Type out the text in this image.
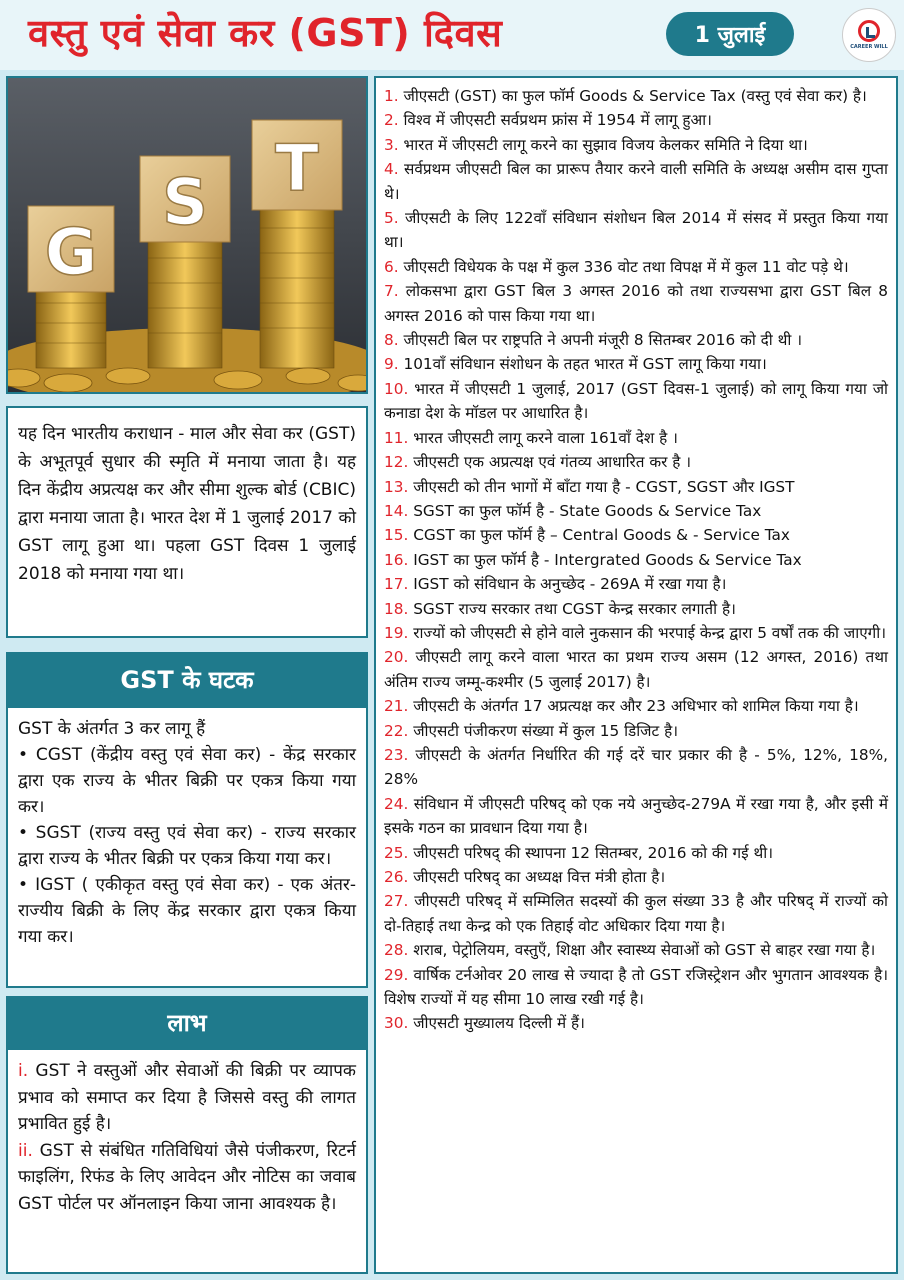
वस्तु एवं सेवा कर (GST) दिवस	1 जुलाई	CAREER WILL
G
S T
यह दिन भारतीय कराधान - माल और सेवा कर (GST) के अभूतपूर्व सुधार की स्मृति में मनाया जाता है। यह दिन केंद्रीय अप्रत्यक्ष कर और सीमा शुल्क बोर्ड (CBIC) द्वारा मनाया जाता है। भारत देश में 1 जुलाई 2017 को GST लागू हुआ था। पहला GST दिवस 1 जुलाई 2018 को मनाया गया था।
GST के घटक
GST के अंतर्गत 3 कर लागू हैं
• CGST (केंद्रीय वस्तु एवं सेवा कर) - केंद्र सरकार द्वारा एक राज्य के भीतर बिक्री पर एकत्र किया गया कर।
• SGST (राज्य वस्तु एवं सेवा कर) - राज्य सरकार द्वारा राज्य के भीतर बिक्री पर एकत्र किया गया कर।
• IGST ( एकीकृत वस्तु एवं सेवा कर) - एक अंतर-राज्यीय बिक्री के लिए केंद्र सरकार द्वारा एकत्र किया गया कर।
लाभ
i. GST ने वस्तुओं और सेवाओं की बिक्री पर व्यापक प्रभाव को समाप्त कर दिया है जिससे वस्तु की लागत प्रभावित हुई है।
ii. GST से संबंधित गतिविधियां जैसे पंजीकरण, रिटर्न फाइलिंग, रिफंड के लिए आवेदन और नोटिस का जवाब GST पोर्टल पर ऑनलाइन किया जाना आवश्यक है।
1. जीएसटी (GST) का फुल फॉर्म Goods & Service Tax (वस्तु एवं सेवा कर) है।
2. विश्व में जीएसटी सर्वप्रथम फ्रांस में 1954 में लागू हुआ।
3. भारत में जीएसटी लागू करने का सुझाव विजय केलकर समिति ने दिया था।
4. सर्वप्रथम जीएसटी बिल का प्रारूप तैयार करने वाली समिति के अध्यक्ष असीम दास गुप्ता थे।
5. जीएसटी के लिए 122वाँ संविधान संशोधन बिल 2014 में संसद में प्रस्तुत किया गया था।
6. जीएसटी विधेयक के पक्ष में कुल 336 वोट तथा विपक्ष में में कुल 11 वोट पड़े थे।
7. लोकसभा द्वारा GST बिल 3 अगस्त 2016 को तथा राज्यसभा द्वारा GST बिल 8 अगस्त 2016 को पास किया गया था।
8. जीएसटी बिल पर राष्ट्रपति ने अपनी मंजूरी 8 सितम्बर 2016 को दी थी ।
9. 101वाँ संविधान संशोधन के तहत भारत में GST लागू किया गया।
10. भारत में जीएसटी 1 जुलाई, 2017 (GST दिवस-1 जुलाई) को लागू किया गया जो कनाडा देश के मॉडल पर आधारित है।
11. भारत जीएसटी लागू करने वाला 161वाँ देश है ।
12. जीएसटी एक अप्रत्यक्ष एवं गंतव्य आधारित कर है ।
13. जीएसटी को तीन भागों में बाँटा गया है - CGST, SGST और IGST
14. SGST का फुल फॉर्म है - State Goods & Service Tax
15. CGST का फुल फॉर्म है – Central Goods & - Service Tax
16. IGST का फुल फॉर्म है - Intergrated Goods & Service Tax
17. IGST को संविधान के अनुच्छेद - 269A में रखा गया है।
18. SGST राज्य सरकार तथा CGST केन्द्र सरकार लगाती है।
19. राज्यों को जीएसटी से होने वाले नुकसान की भरपाई केन्द्र द्वारा 5 वर्षों तक की जाएगी।
20. जीएसटी लागू करने वाला भारत का प्रथम राज्य असम (12 अगस्त, 2016) तथा अंतिम राज्य जम्मू-कश्मीर (5 जुलाई 2017) है।
21. जीएसटी के अंतर्गत 17 अप्रत्यक्ष कर और 23 अधिभार को शामिल किया गया है।
22. जीएसटी पंजीकरण संख्या में कुल 15 डिजिट है।
23. जीएसटी के अंतर्गत निर्धारित की गई दरें चार प्रकार की है - 5%, 12%, 18%, 28%
24. संविधान में जीएसटी परिषद् को एक नये अनुच्छेद-279A में रखा गया है, और इसी में इसके गठन का प्रावधान दिया गया है।
25. जीएसटी परिषद् की स्थापना 12 सितम्बर, 2016 को की गई थी।
26. जीएसटी परिषद् का अध्यक्ष वित्त मंत्री होता है।
27. जीएसटी परिषद् में सम्मिलित सदस्यों की कुल संख्या 33 है और परिषद् में राज्यों को दो-तिहाई तथा केन्द्र को एक तिहाई वोट अधिकार दिया गया है।
28. शराब, पेट्रोलियम, वस्तुएँ, शिक्षा और स्वास्थ्य सेवाओं को GST से बाहर रखा गया है।
29. वार्षिक टर्नओवर 20 लाख से ज्यादा है तो GST रजिस्ट्रेशन और भुगतान आवश्यक है। विशेष राज्यों में यह सीमा 10 लाख रखी गई है।
30. जीएसटी मुख्यालय दिल्ली में हैं।
